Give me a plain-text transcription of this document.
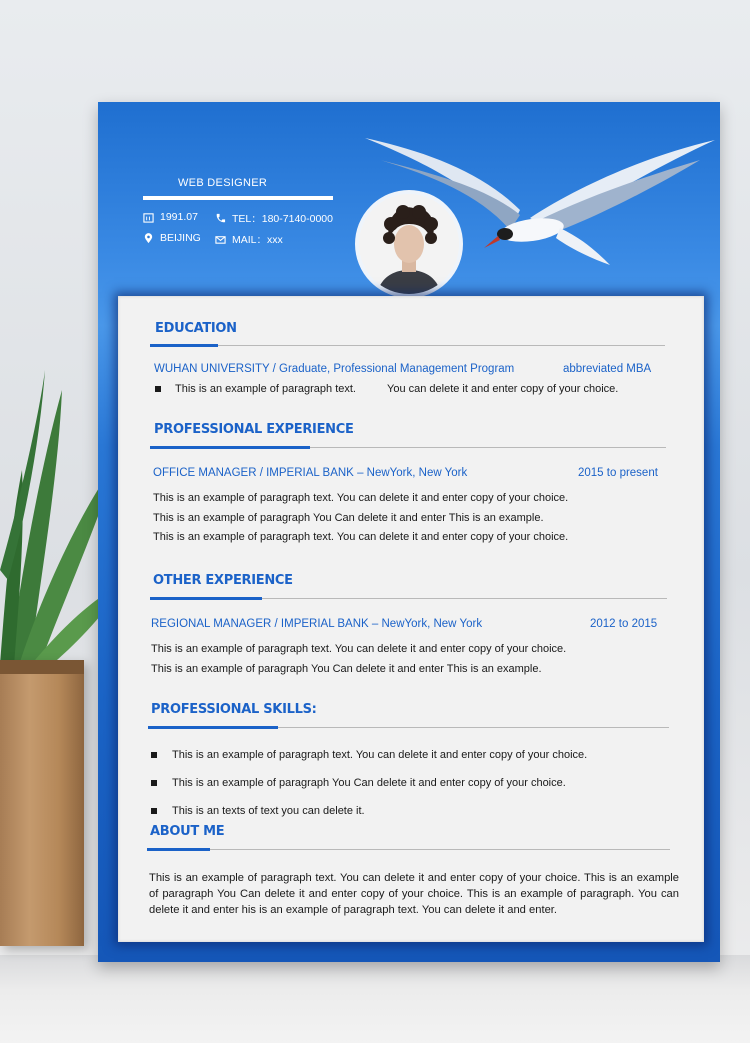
WEB DESIGNER
1991.07	TEL：180-7140-0000
BEIJING	MAIL：xxx
EDUCATION
WUHAN UNIVERSITY / Graduate, Professional Management Program	abbreviated MBA
This is an example of paragraph text.	You can delete it and enter copy of your choice.
PROFESSIONAL EXPERIENCE
OFFICE MANAGER / IMPERIAL BANK – NewYork, New York	2015 to present
This is an example of paragraph text. You can delete it and enter copy of your choice.
This is an example of paragraph You Can delete it and enter This is an example.
This is an example of paragraph text. You can delete it and enter copy of your choice.
OTHER EXPERIENCE
REGIONAL MANAGER / IMPERIAL BANK – NewYork, New York	2012 to 2015
This is an example of paragraph text. You can delete it and enter copy of your choice.
This is an example of paragraph You Can delete it and enter This is an example.
PROFESSIONAL SKILLS:
This is an example of paragraph text. You can delete it and enter copy of your choice.
This is an example of paragraph You Can delete it and enter copy of your choice.
This is an texts of text you can delete it.
ABOUT ME
This is an example of paragraph text. You can delete it and enter copy of your choice. This is an example of paragraph You Can delete it and enter copy of your choice. This is an example of paragraph. You can delete it and enter his is an example of paragraph text. You can delete it and enter.
